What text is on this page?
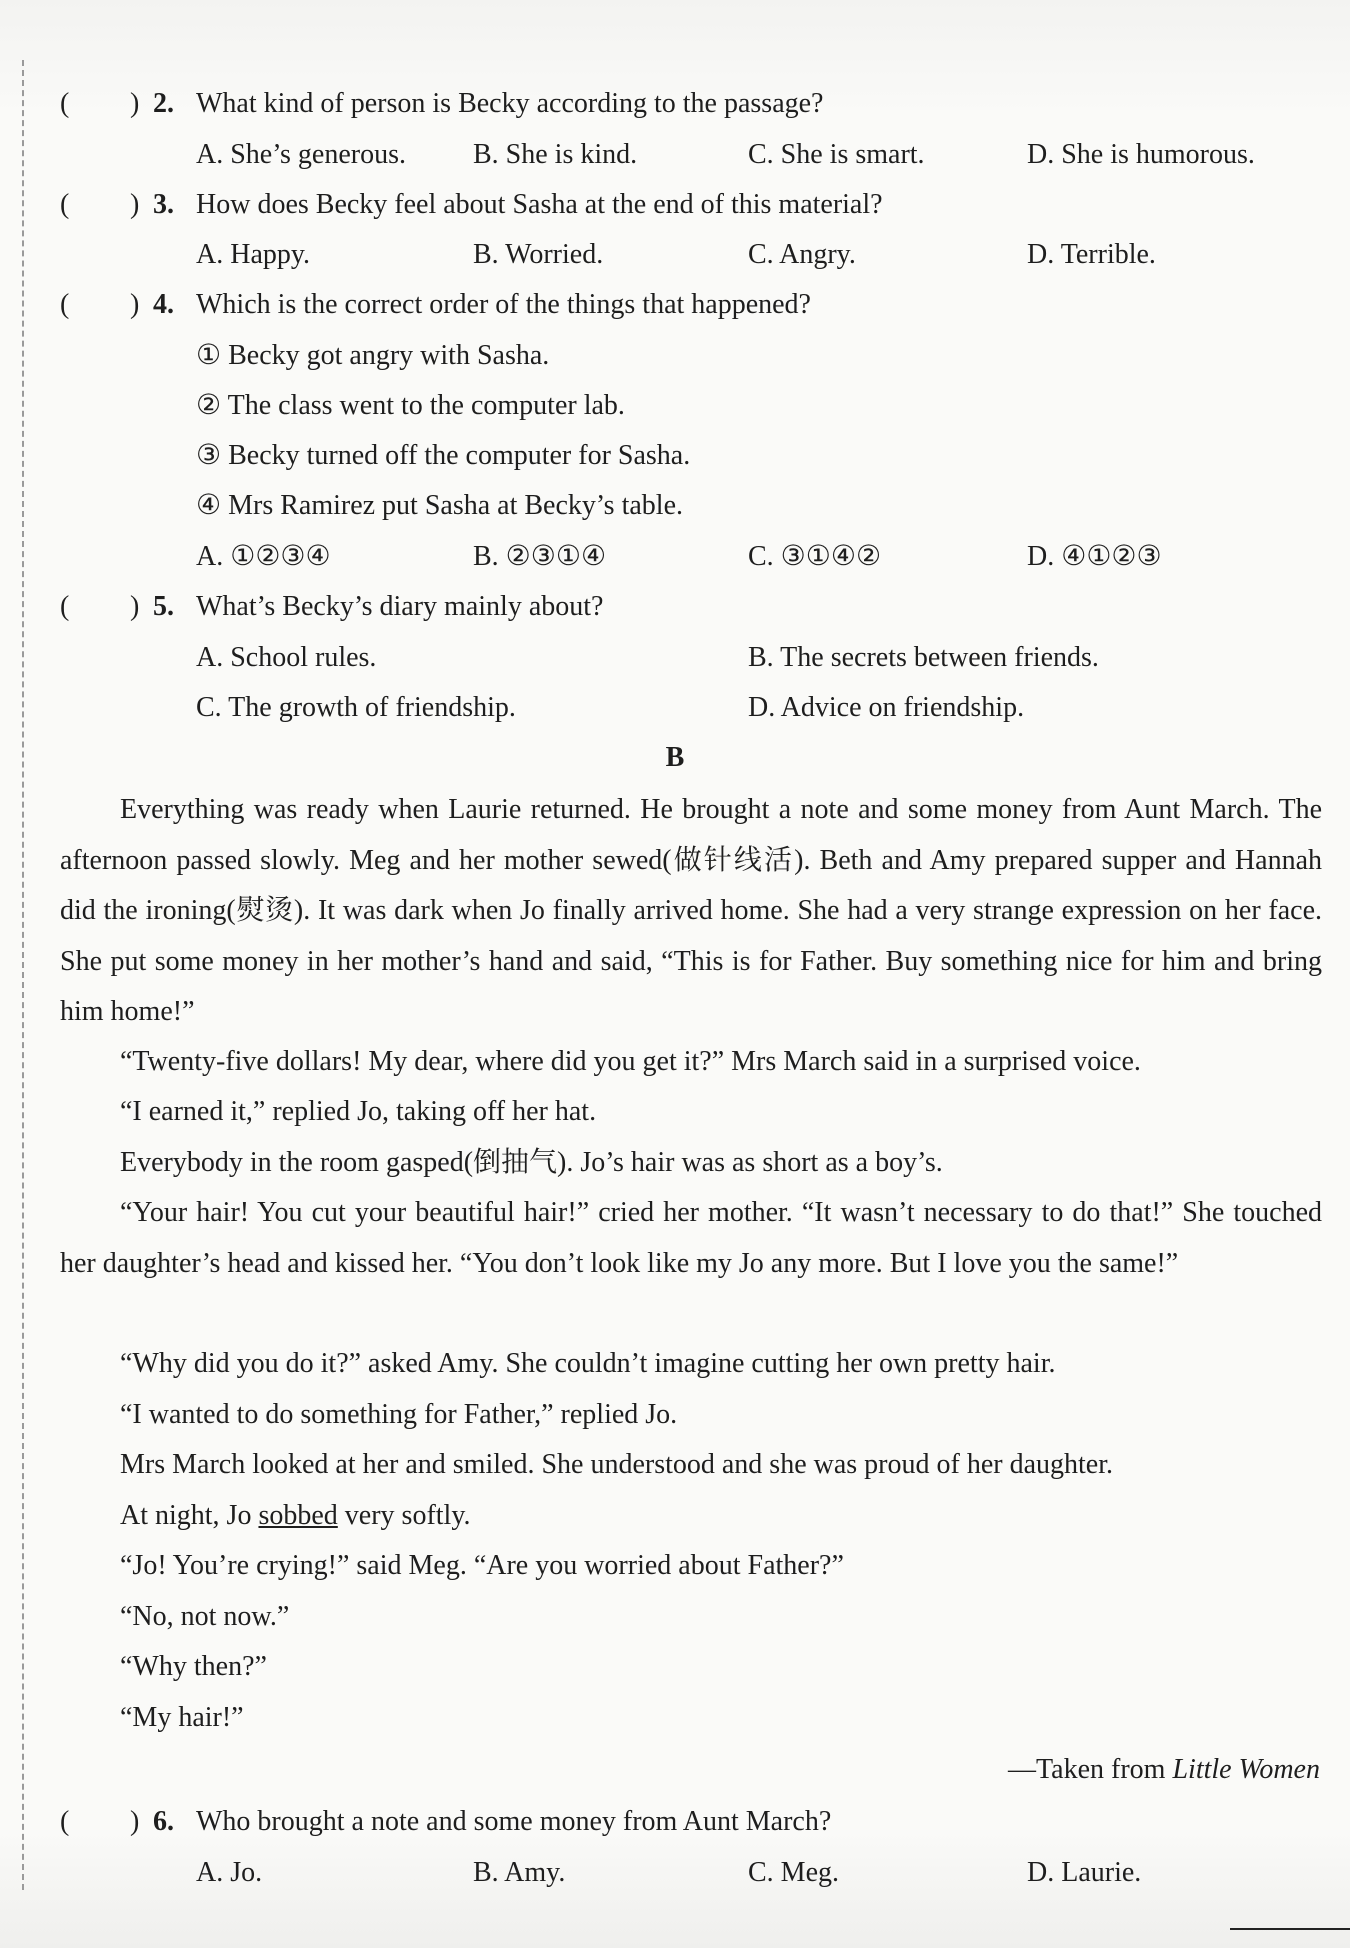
( ) 2. What kind of person is Becky according to the passage?
A. She’s generous. B. She is kind.	C. She is smart.	D. She is humorous.
( ) 3. How does Becky feel about Sasha at the end of this material?
A. Happy.	B. Worried.	C. Angry.	D. Terrible.
( ) 4. Which is the correct order of the things that happened?
① Becky got angry with Sasha.
② The class went to the computer lab.
③ Becky turned off the computer for Sasha.
④ Mrs Ramirez put Sasha at Becky’s table.
A. ①②③④	B. ②③①④	C. ③①④②	D. ④①②③
( ) 5. What’s Becky’s diary mainly about?
A. School rules.	B. The secrets between friends.
C. The growth of friendship.	D. Advice on friendship.
B
Everything was ready when Laurie returned. He brought a note and some money from Aunt March. The afternoon passed slowly. Meg and her mother sewed(做针线活). Beth and Amy prepared supper and Hannah did the ironing(熨烫). It was dark when Jo finally arrived home. She had a very strange expression on her face. She put some money in her mother’s hand and said, “This is for Father. Buy something nice for him and bring him home!”
“Twenty-five dollars! My dear, where did you get it?” Mrs March said in a surprised voice.
“I earned it,” replied Jo, taking off her hat.
Everybody in the room gasped(倒抽气). Jo’s hair was as short as a boy’s.
“Your hair! You cut your beautiful hair!” cried her mother. “It wasn’t necessary to do that!” She touched her daughter’s head and kissed her. “You don’t look like my Jo any more. But I love you the same!”
“Why did you do it?” asked Amy. She couldn’t imagine cutting her own pretty hair.
“I wanted to do something for Father,” replied Jo.
Mrs March looked at her and smiled. She understood and she was proud of her daughter.
At night, Jo sobbed very softly.
“Jo! You’re crying!” said Meg. “Are you worried about Father?”
“No, not now.”
“Why then?”
“My hair!”
—Taken from Little Women
( ) 6. Who brought a note and some money from Aunt March?
A. Jo.	B. Amy.	C. Meg.	D. Laurie.
